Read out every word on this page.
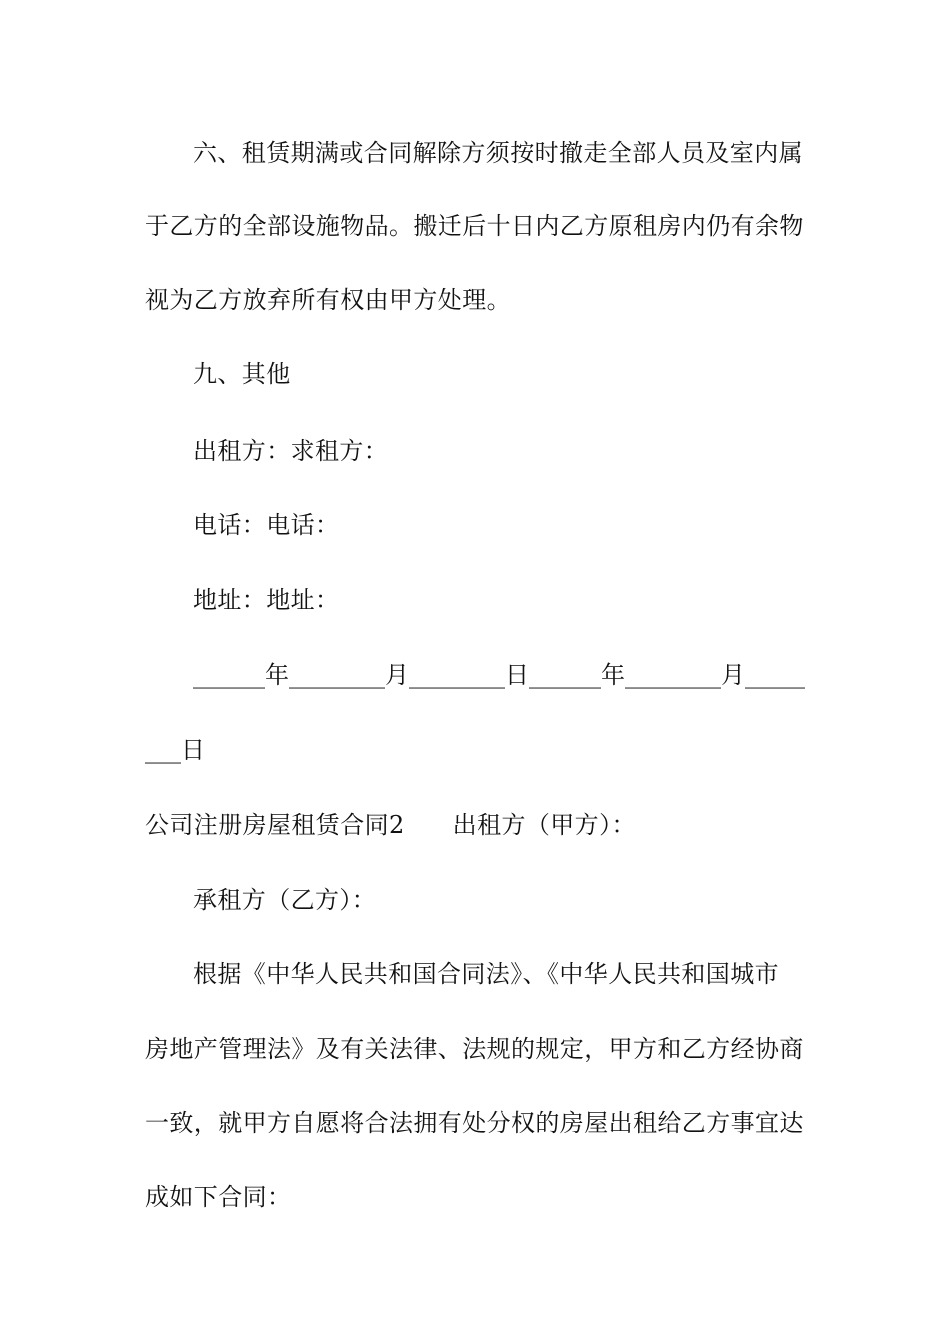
六、租赁期满或合同解除方须按时撤走全部人员及室内属
于乙方的全部设施物品。搬迁后十日内乙方原租房内仍有余物
视为乙方放弃所有权由甲方处理。
九、其他
出租方：求租方：
电话：电话：
地址：地址：
______年________月________日______年________月_____
___日
公司注册房屋租赁合同2 出租方（甲方）：
承租方（乙方）：
根据《中华人民共和国合同法》、《中华人民共和国城市
房地产管理法》及有关法律、法规的规定，甲方和乙方经协商
一致，就甲方自愿将合法拥有处分权的房屋出租给乙方事宜达
成如下合同：
